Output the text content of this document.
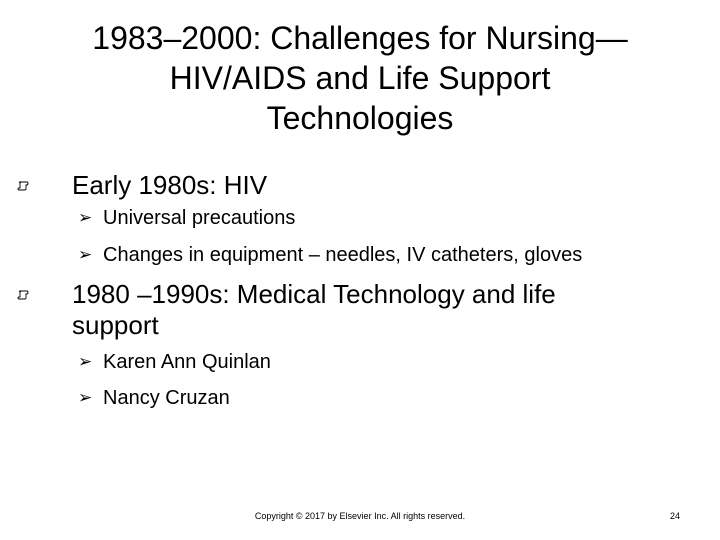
1983–2000: Challenges for Nursing—
HIV/AIDS and Life Support
Technologies
Early 1980s: HIV
➢ Universal precautions
➢ Changes in equipment – needles, IV catheters, gloves
1980 –1990s: Medical Technology and life
support
➢ Karen Ann Quinlan
➢ Nancy Cruzan
Copyright © 2017 by Elsevier Inc. All rights reserved.	24
